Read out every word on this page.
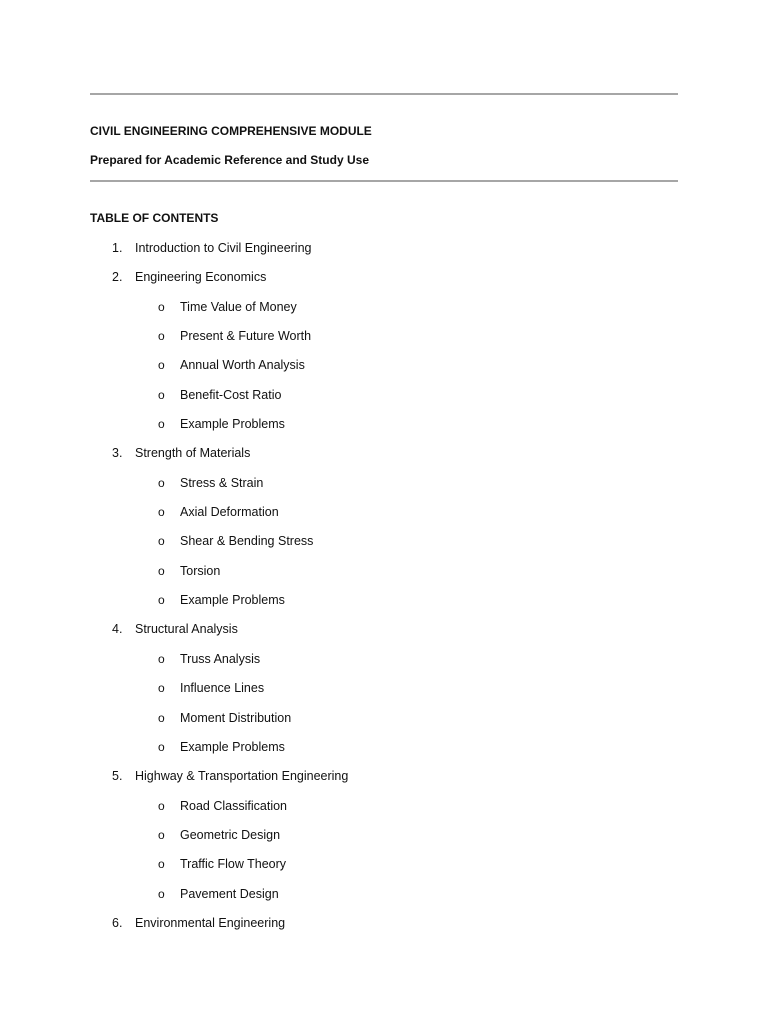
CIVIL ENGINEERING COMPREHENSIVE MODULE
Prepared for Academic Reference and Study Use
TABLE OF CONTENTS
1.	Introduction to Civil Engineering
2.	Engineering Economics
o Time Value of Money
o Present & Future Worth
o Annual Worth Analysis
o Benefit-Cost Ratio
o Example Problems
3.	Strength of Materials
o Stress & Strain
o Axial Deformation
o Shear & Bending Stress
o Torsion
o Example Problems
4.	Structural Analysis
o Truss Analysis
o Influence Lines
o Moment Distribution
o Example Problems
5.	Highway & Transportation Engineering
o Road Classification
o Geometric Design
o Traffic Flow Theory
o Pavement Design
6.	Environmental Engineering
